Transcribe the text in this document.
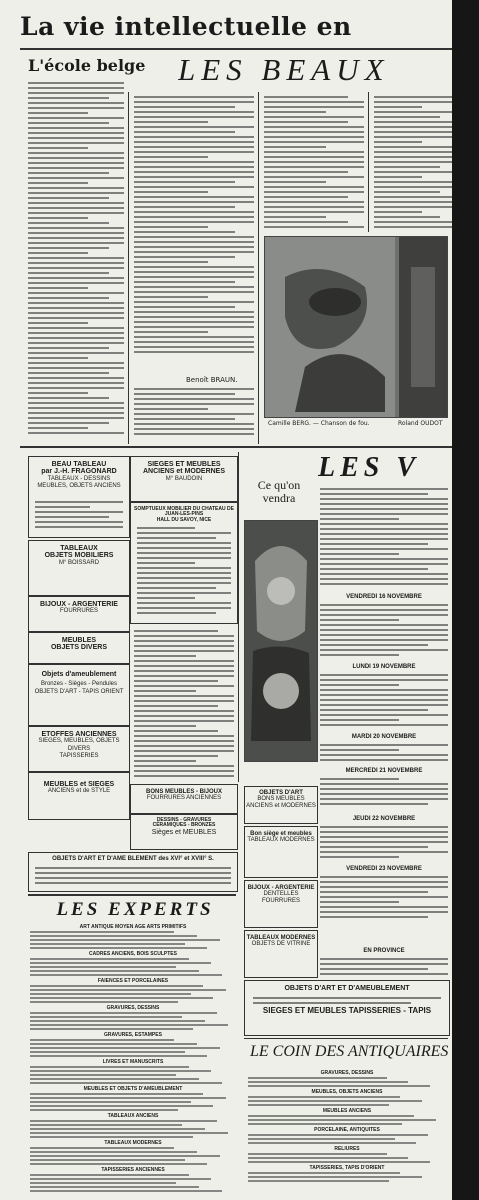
La vie intellectuelle en
L'école belge	LES BEAUX
Benoît BRAUN.
Camille BERG. — Chanson de fou.	Roland OUDOT
BEAU TABLEAU
par J.-H. FRAGONARD
TABLEAUX - DESSINS
MEUBLES, OBJETS ANCIENS
SIEGES ET MEUBLES
ANCIENS et MODERNES
M° BAUDOIN
SOMPTUEUX MOBILIER DU CHATEAU DE JUAN-LES-PINS
HALL DU SAVOY, NICE
LES V
Ce qu'on vendra
TABLEAUX
OBJETS MOBILIERS
M° BOISSARD
BIJOUX - ARGENTERIE
FOURRURES
MEUBLES
OBJETS DIVERS
Objets d'ameublement
Bronzes - Sièges - Pendules
OBJETS D'ART - TAPIS ORIENT
ETOFFES ANCIENNES
SIEGES, MEUBLES, OBJETS DIVERS
TAPISSERIES
MEUBLES et SIEGES
ANCIENS et de STYLE	BONS MEUBLES - BIJOUX
FOURRURES ANCIENNES
DESSINS - GRAVURES
CÉRAMIQUES - BRONZES
Sièges et MEUBLES
OBJETS D'ART ET D'AME BLEMENT des XVI° et XVIII° S.
OBJETS D'ART
BONS MEUBLES
ANCIENS et MODERNES
Bon siège et meubles
TABLEAUX MODERNES
BIJOUX - ARGENTERIE
DENTELLES FOURRURES
TABLEAUX MODERNES
OBJETS DE VITRINE
VENDREDI 16 NOVEMBRE
LUNDI 19 NOVEMBRE
MARDI 20 NOVEMBRE
MERCREDI 21 NOVEMBRE
JEUDI 22 NOVEMBRE
VENDREDI 23 NOVEMBRE
EN PROVINCE
OBJETS D'ART ET D'AMEUBLEMENT
SIEGES ET MEUBLES TAPISSERIES - TAPIS
LES EXPERTS
ART ANTIQUE MOYEN AGE ARTS PRIMITIFS
CADRES ANCIENS, BOIS SCULPTÉS
FAIENCES ET PORCELAINES
GRAVURES, DESSINS
GRAVURES, ESTAMPES
LIVRES ET MANUSCRITS
MEUBLES ET OBJETS D'AMEUBLEMENT
TABLEAUX ANCIENS
TABLEAUX MODERNES
TAPISSERIES ANCIENNES
LE COIN DES ANTIQUAIRES
GRAVURES, DESSINS
MEUBLES, OBJETS ANCIENS
MEUBLES ANCIENS
PORCELAINE, ANTIQUITÉS
RELIURES
TAPISSERIES, TAPIS D'ORIENT
